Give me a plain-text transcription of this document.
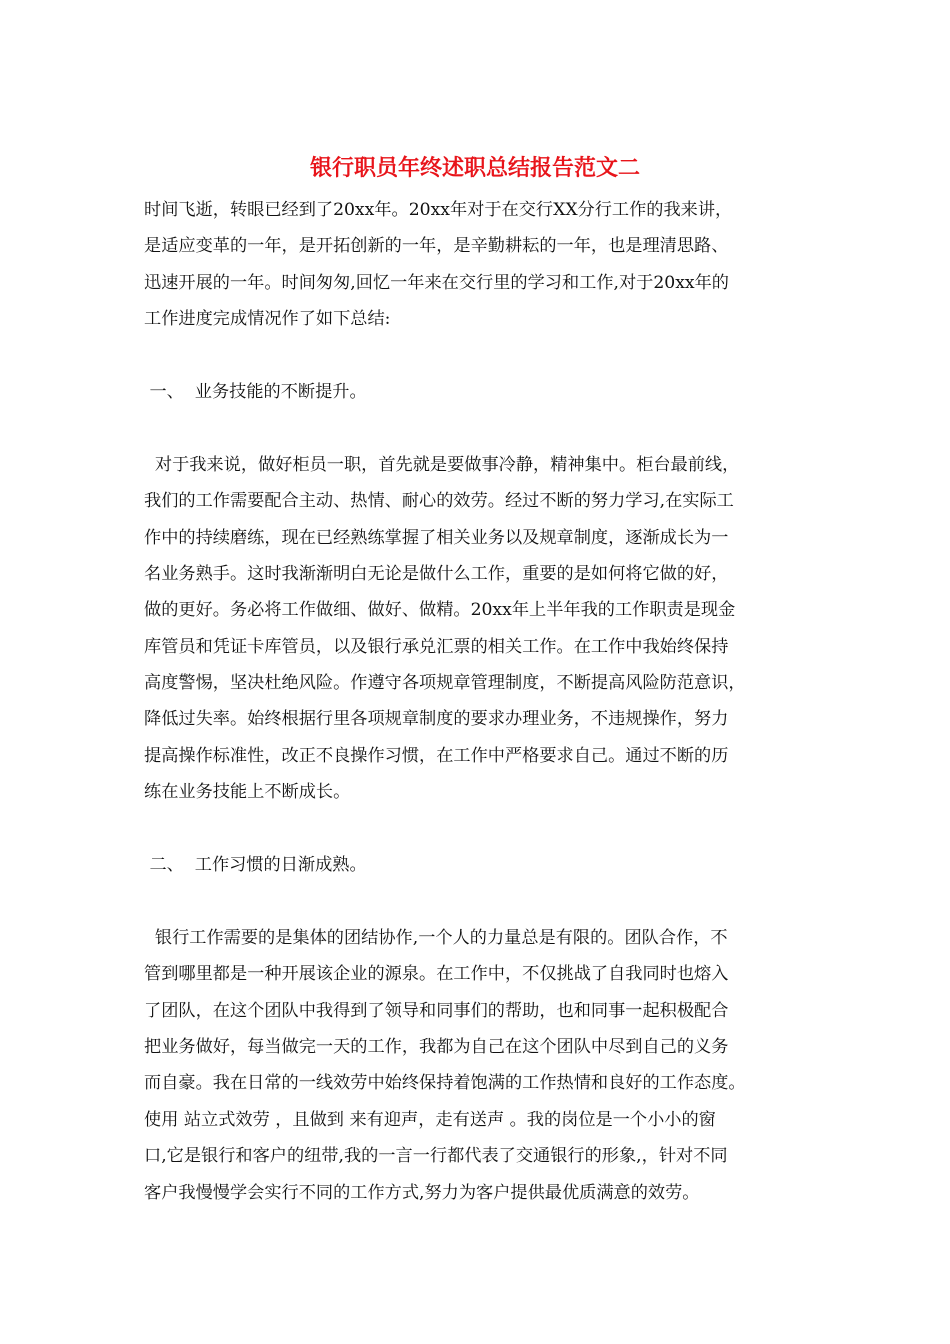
银行职员年终述职总结报告范文二
时间飞逝，转眼已经到了20xx年。20xx年对于在交行XX分行工作的我来讲，
是适应变革的一年，是开拓创新的一年，是辛勤耕耘的一年，也是理清思路、
迅速开展的一年。时间匆匆,回忆一年来在交行里的学习和工作,对于20xx年的
工作进度完成情况作了如下总结:
一、  业务技能的不断提升。
对于我来说，做好柜员一职，首先就是要做事冷静，精神集中。柜台最前线，
我们的工作需要配合主动、热情、耐心的效劳。经过不断的努力学习,在实际工
作中的持续磨练，现在已经熟练掌握了相关业务以及规章制度，逐渐成长为一
名业务熟手。这时我渐渐明白无论是做什么工作，重要的是如何将它做的好，
做的更好。务必将工作做细、做好、做精。20xx年上半年我的工作职责是现金
库管员和凭证卡库管员，以及银行承兑汇票的相关工作。在工作中我始终保持
高度警惕，坚决杜绝风险。作遵守各项规章管理制度，不断提高风险防范意识，
降低过失率。始终根据行里各项规章制度的要求办理业务，不违规操作，努力
提高操作标准性，改正不良操作习惯，在工作中严格要求自己。通过不断的历
练在业务技能上不断成长。
二、  工作习惯的日渐成熟。
银行工作需要的是集体的团结协作,一个人的力量总是有限的。团队合作，不
管到哪里都是一种开展该企业的源泉。在工作中，不仅挑战了自我同时也熔入
了团队，在这个团队中我得到了领导和同事们的帮助，也和同事一起积极配合
把业务做好，每当做完一天的工作，我都为自己在这个团队中尽到自己的义务
而自豪。我在日常的一线效劳中始终保持着饱满的工作热情和良好的工作态度。
使用 站立式效劳 ，且做到 来有迎声，走有送声 。我的岗位是一个小小的窗
口,它是银行和客户的纽带,我的一言一行都代表了交通银行的形象,，针对不同
客户我慢慢学会实行不同的工作方式,努力为客户提供最优质满意的效劳。
